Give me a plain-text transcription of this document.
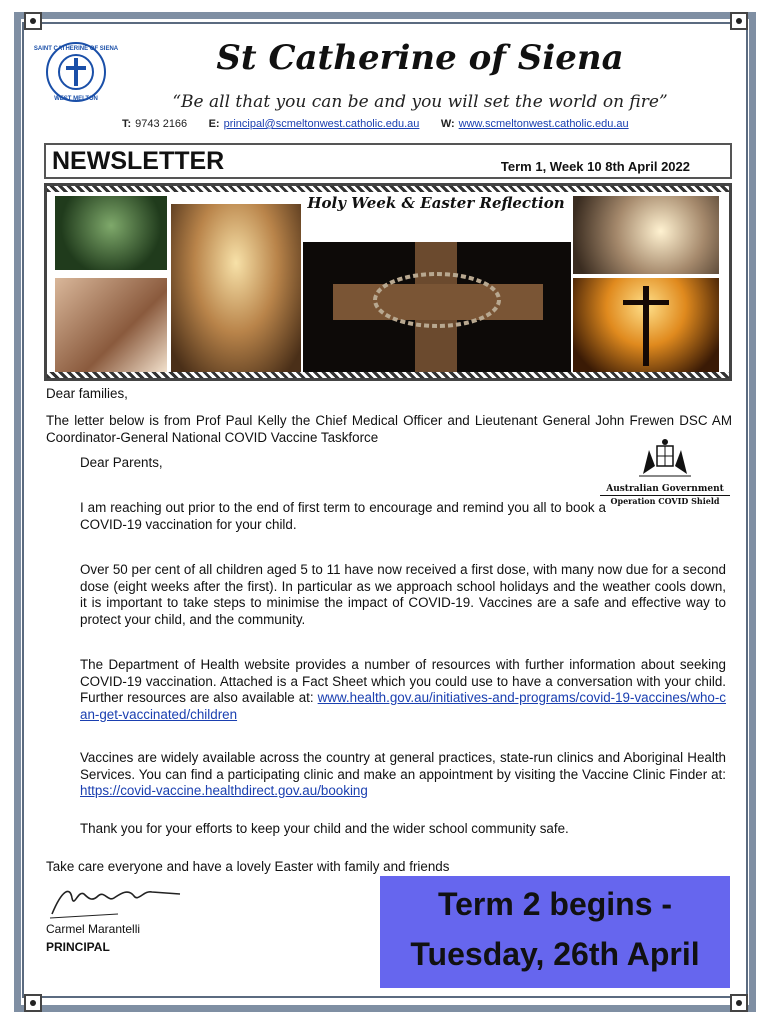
SAINT CATHERINE OF SIENA
WEST MELTON
St Catherine of Siena
“Be all that you can be and you will set the world on fire”
T: 9743 2166 E: principal@scmeltonwest.catholic.edu.au W: www.scmeltonwest.catholic.edu.au
NEWSLETTER	Term 1, Week 10 8th April 2022
Holy Week & Easter Reflection
Dear families,
The letter below is from Prof Paul Kelly the Chief Medical Officer and Lieutenant General John Frewen DSC AM Coordinator-General National COVID Vaccine Taskforce
Dear Parents,
Australian Government
Operation COVID Shield
I am reaching out prior to the end of first term to encourage and remind you all to book a COVID-19 vaccination for your child.
Over 50 per cent of all children aged 5 to 11 have now received a first dose, with many now due for a second dose (eight weeks after the first). In particular as we approach school holidays and the weather cools down, it is important to take steps to minimise the impact of COVID-19. Vaccines are a safe and effective way to protect your child, and the community.
The Department of Health website provides a number of resources with further information about seeking COVID-19 vaccination. Attached is a Fact Sheet which you could use to have a conversation with your child. Further resources are also available at: www.health.gov.au/initiatives-and-programs/covid-19-vaccines/who-can-get-vaccinated/children
Vaccines are widely available across the country at general practices, state-run clinics and Aboriginal Health Services. You can find a participating clinic and make an appointment by visiting the Vaccine Clinic Finder at: https://covid-vaccine.healthdirect.gov.au/booking
Thank you for your efforts to keep your child and the wider school community safe.
Take care everyone and have a lovely Easter with family and friends
Carmel Marantelli
PRINCIPAL
Term 2 begins -
Tuesday, 26th April
